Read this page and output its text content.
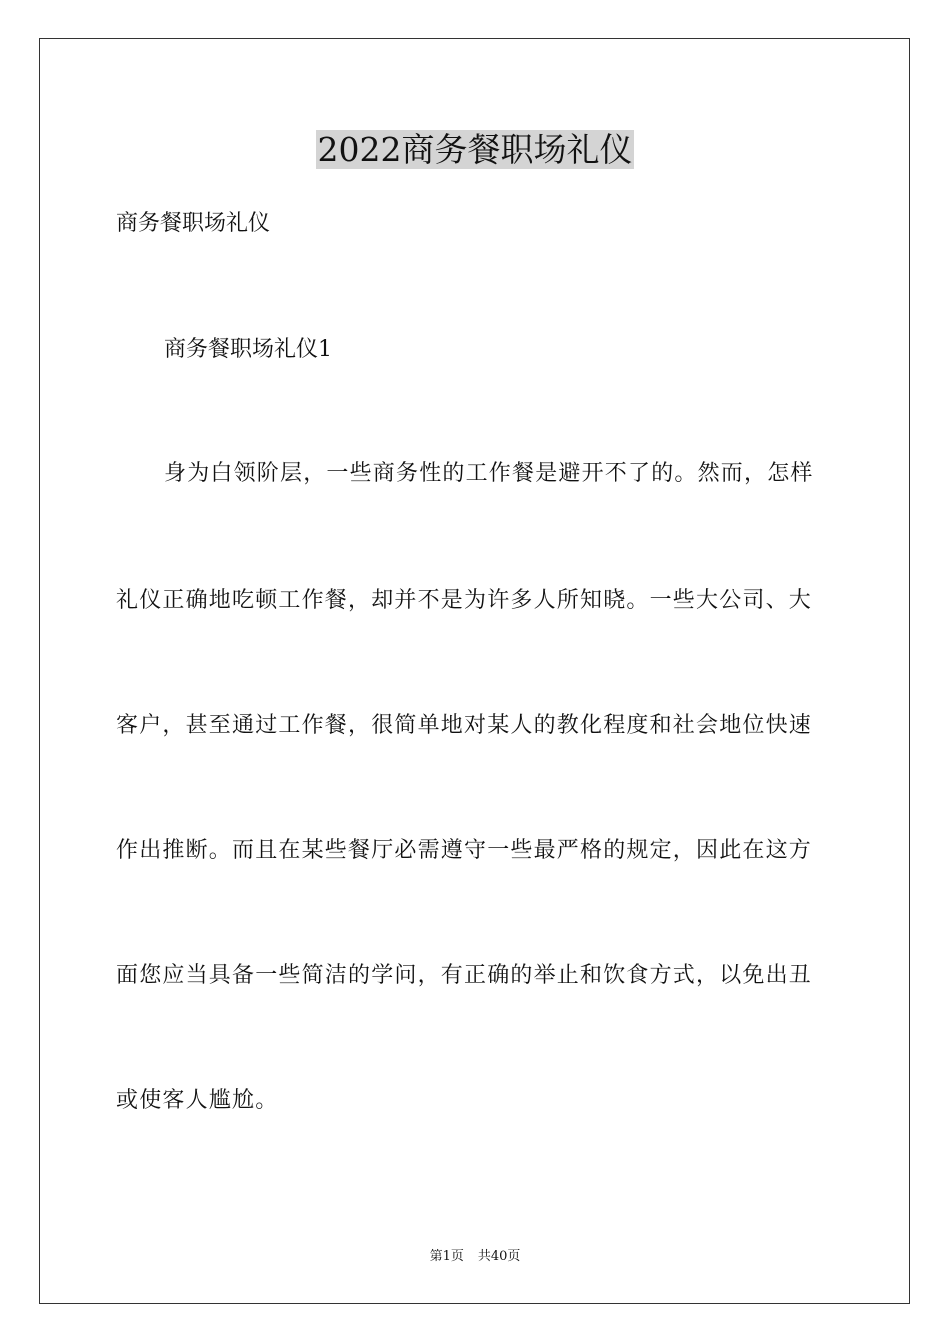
2022商务餐职场礼仪

商务餐职场礼仪

商务餐职场礼仪1

身为白领阶层，一些商务性的工作餐是避开不了的。然而，怎样

礼仪正确地吃顿工作餐，却并不是为许多人所知晓。一些大公司、大

客户，甚至通过工作餐，很简单地对某人的教化程度和社会地位快速

作出推断。而且在某些餐厅必需遵守一些最严格的规定，因此在这方

面您应当具备一些简洁的学问，有正确的举止和饮食方式，以免出丑

或使客人尴尬。

第1页 共40页
